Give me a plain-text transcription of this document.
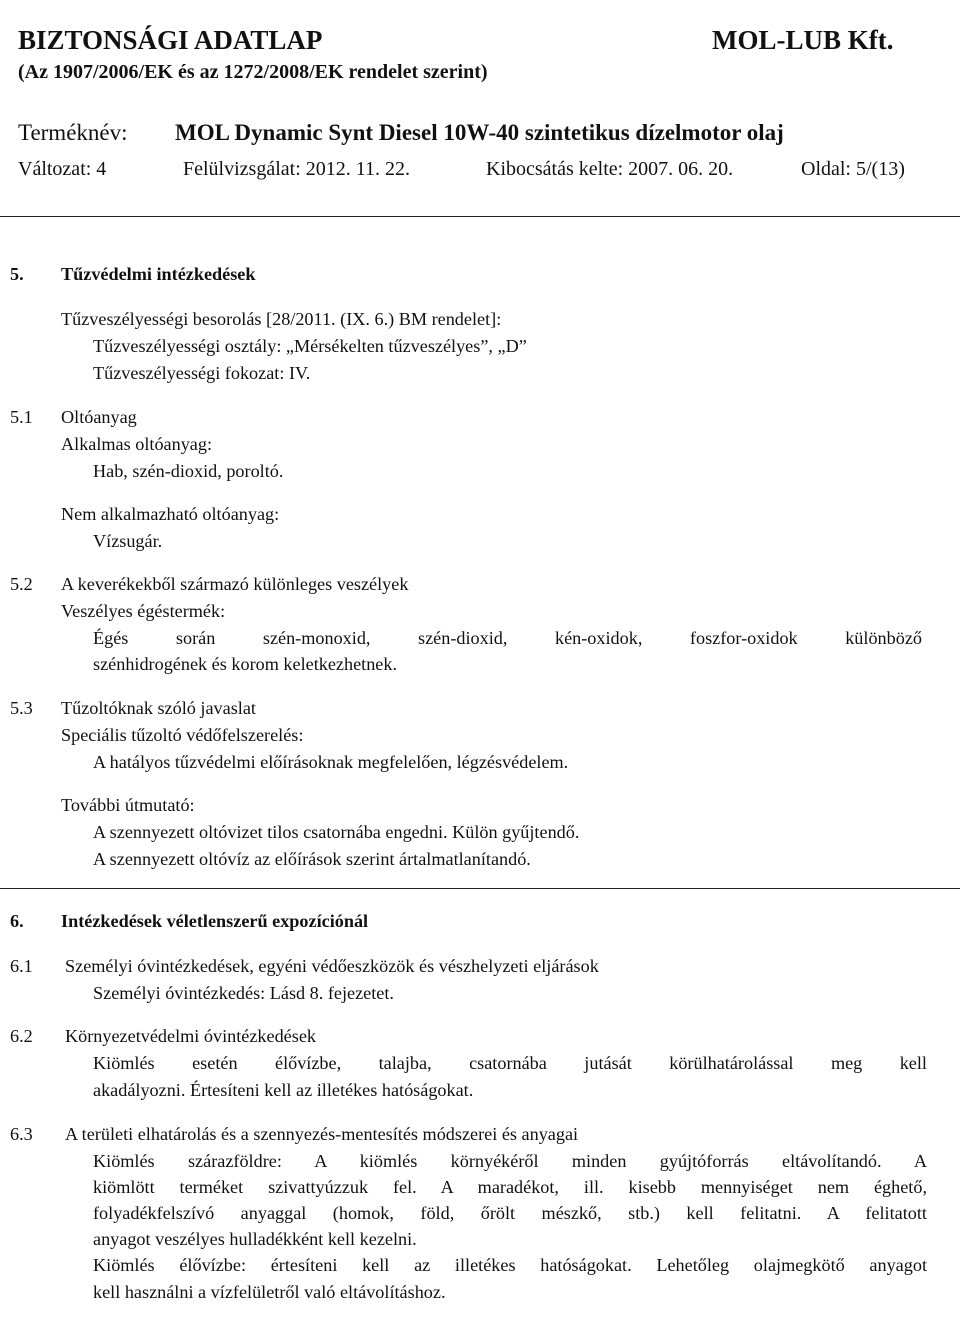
BIZTONSÁGI ADATLAP	MOL-LUB Kft.
(Az 1907/2006/EK és az 1272/2008/EK rendelet szerint)
Terméknév: MOL Dynamic Synt Diesel 10W-40 szintetikus dízelmotor olaj
Változat: 4	Felülvizsgálat: 2012. 11. 22.	Kibocsátás kelte: 2007. 06. 20.	Oldal: 5/(13)
5. Tűzvédelmi intézkedések
Tűzveszélyességi besorolás [28/2011. (IX. 6.) BM rendelet]:
Tűzveszélyességi osztály: „Mérsékelten tűzveszélyes”, „D”
Tűzveszélyességi fokozat: IV.
5.1 Oltóanyag
Alkalmas oltóanyag:
Hab, szén-dioxid, poroltó.
Nem alkalmazható oltóanyag:
Vízsugár.
5.2 A keverékekből származó különleges veszélyek
Veszélyes égéstermék:
Égés során szén-monoxid, szén-dioxid, kén-oxidok, foszfor-oxidok különböző
szénhidrogének és korom keletkezhetnek.
5.3 Tűzoltóknak szóló javaslat
Speciális tűzoltó védőfelszerelés:
A hatályos tűzvédelmi előírásoknak megfelelően, légzésvédelem.
További útmutató:
A szennyezett oltóvizet tilos csatornába engedni. Külön gyűjtendő.
A szennyezett oltóvíz az előírások szerint ártalmatlanítandó.
6. Intézkedések véletlenszerű expozíciónál
6.1 Személyi óvintézkedések, egyéni védőeszközök és vészhelyzeti eljárások
Személyi óvintézkedés: Lásd 8. fejezetet.
6.2 Környezetvédelmi óvintézkedések
Kiömlés esetén élővízbe, talajba, csatornába jutását körülhatárolással meg kell
akadályozni. Értesíteni kell az illetékes hatóságokat.
6.3 A területi elhatárolás és a szennyezés-mentesítés módszerei és anyagai
Kiömlés szárazföldre: A kiömlés környékéről minden gyújtóforrás eltávolítandó. A
kiömlött terméket szivattyúzzuk fel. A maradékot, ill. kisebb mennyiséget nem éghető,
folyadékfelszívó anyaggal (homok, föld, őrölt mészkő, stb.) kell felitatni. A felitatott
anyagot veszélyes hulladékként kell kezelni.
Kiömlés élővízbe: értesíteni kell az illetékes hatóságokat. Lehetőleg olajmegkötő anyagot
kell használni a vízfelületről való eltávolításhoz.
